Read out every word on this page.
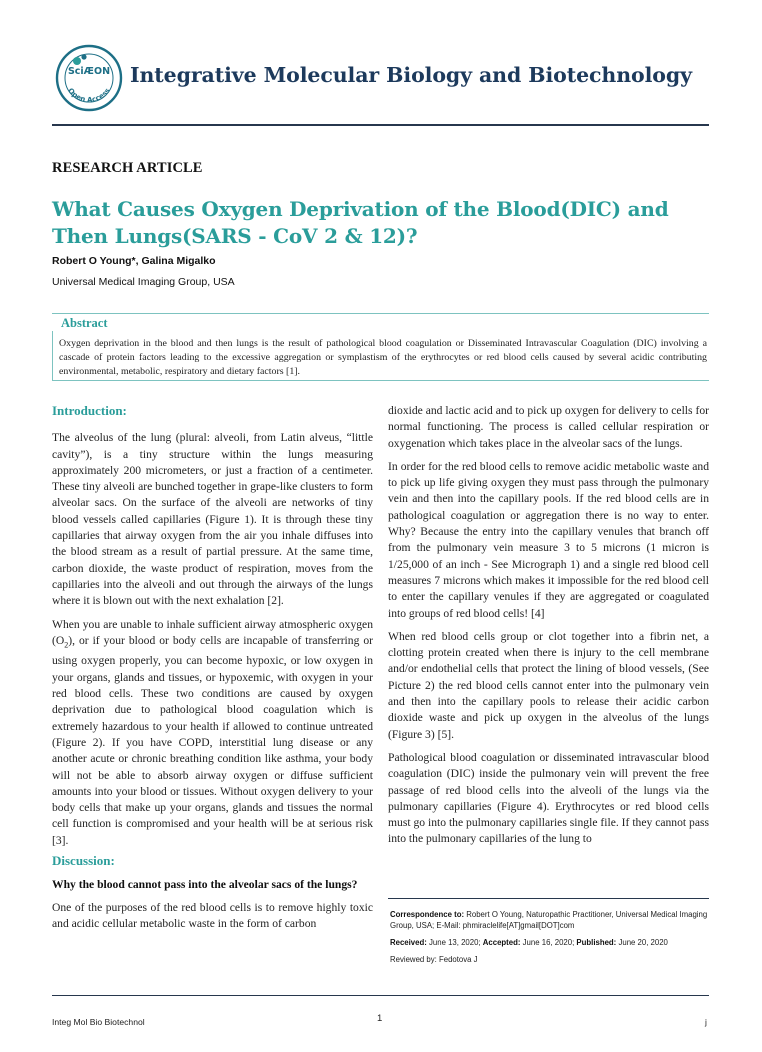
SciÆON
Open Access
Integrative Molecular Biology and Biotechnology
RESEARCH ARTICLE
What Causes Oxygen Deprivation of the Blood(DIC) and Then Lungs(SARS - CoV 2 & 12)?
Robert O Young*, Galina Migalko
Universal Medical Imaging Group, USA
Abstract
Oxygen deprivation in the blood and then lungs is the result of pathological blood coagulation or Disseminated Intravascular Coagulation (DIC) involving a cascade of protein factors leading to the excessive aggregation or symplastism of the erythrocytes or red blood cells caused by several acidic contributing environmental, metabolic, respiratory and dietary factors [1].
Introduction:

The alveolus of the lung (plural: alveoli, from Latin alveus, “little cavity”), is a tiny structure within the lungs measuring approximately 200 micrometers, or just a fraction of a centimeter. These tiny alveoli are bunched together in grape-like clusters to form alveolar sacs. On the surface of the alveoli are networks of tiny blood vessels called capillaries (Figure 1). It is through these tiny capillaries that airway oxygen from the air you inhale diffuses into the blood stream as a result of partial pressure. At the same time, carbon dioxide, the waste product of respiration, moves from the capillaries into the alveoli and out through the airways of the lungs where it is blown out with the next exhalation [2].

When you are unable to inhale sufficient airway atmospheric oxygen $(O_2)$, or if your blood or body cells are incapable of transferring or using oxygen properly, you can become hypoxic, or low oxygen in your organs, glands and tissues, or hypoxemic, with oxygen in your red blood cells. These two conditions are caused by oxygen deprivation due to pathological blood coagulation which is extremely hazardous to your health if allowed to continue untreated (Figure 2). If you have COPD, interstitial lung disease or any another acute or chronic breathing condition like asthma, your body will not be able to absorb airway oxygen or diffuse sufficient amounts into your blood or tissues. Without oxygen delivery to your body cells that make up your organs, glands and tissues the normal cell function is compromised and your health will be at serious risk [3].

Discussion:
Why the blood cannot pass into the alveolar sacs of the lungs?

One of the purposes of the red blood cells is to remove highly toxic and acidic cellular metabolic waste in the form of carbon

dioxide and lactic acid and to pick up oxygen for delivery to cells for normal functioning. The process is called cellular respiration or oxygenation which takes place in the alveolar sacs of the lungs.

In order for the red blood cells to remove acidic metabolic waste and to pick up life giving oxygen they must pass through the pulmonary vein and then into the capillary pools. If the red blood cells are in pathological coagulation or aggregation there is no way to enter. Why? Because the entry into the capillary venules that branch off from the pulmonary vein measure 3 to 5 microns (1 micron is 1/25,000 of an inch - See Micrograph 1) and a single red blood cell measures 7 microns which makes it impossible for the red blood cell to enter the capillary venules if they are aggregated or coagulated into groups of red blood cells! [4]

When red blood cells group or clot together into a fibrin net, a clotting protein created when there is injury to the cell membrane and/or endothelial cells that protect the lining of blood vessels, (See Picture 2) the red blood cells cannot enter into the pulmonary vein and then into the capillary pools to release their acidic carbon dioxide waste and pick up oxygen in the alveolus of the lungs (Figure 3) [5].

Pathological blood coagulation or disseminated intravascular blood coagulation (DIC) inside the pulmonary vein will prevent the free passage of red blood cells into the alveoli of the lungs via the pulmonary capillaries (Figure 4). Erythrocytes or red blood cells must go into the pulmonary capillaries single file. If they cannot pass into the pulmonary capillaries of the lung to

Correspondence to: Robert O Young, Naturopathic Practitioner, Universal Medical Imaging Group, USA; E-Mail: phmiraclelife[AT]gmail[DOT]com

Received: June 13, 2020; Accepted: June 16, 2020; Published: June 20, 2020

Reviewed by: Fedotova J

Integ Mol Bio Biotechnol	1	j
